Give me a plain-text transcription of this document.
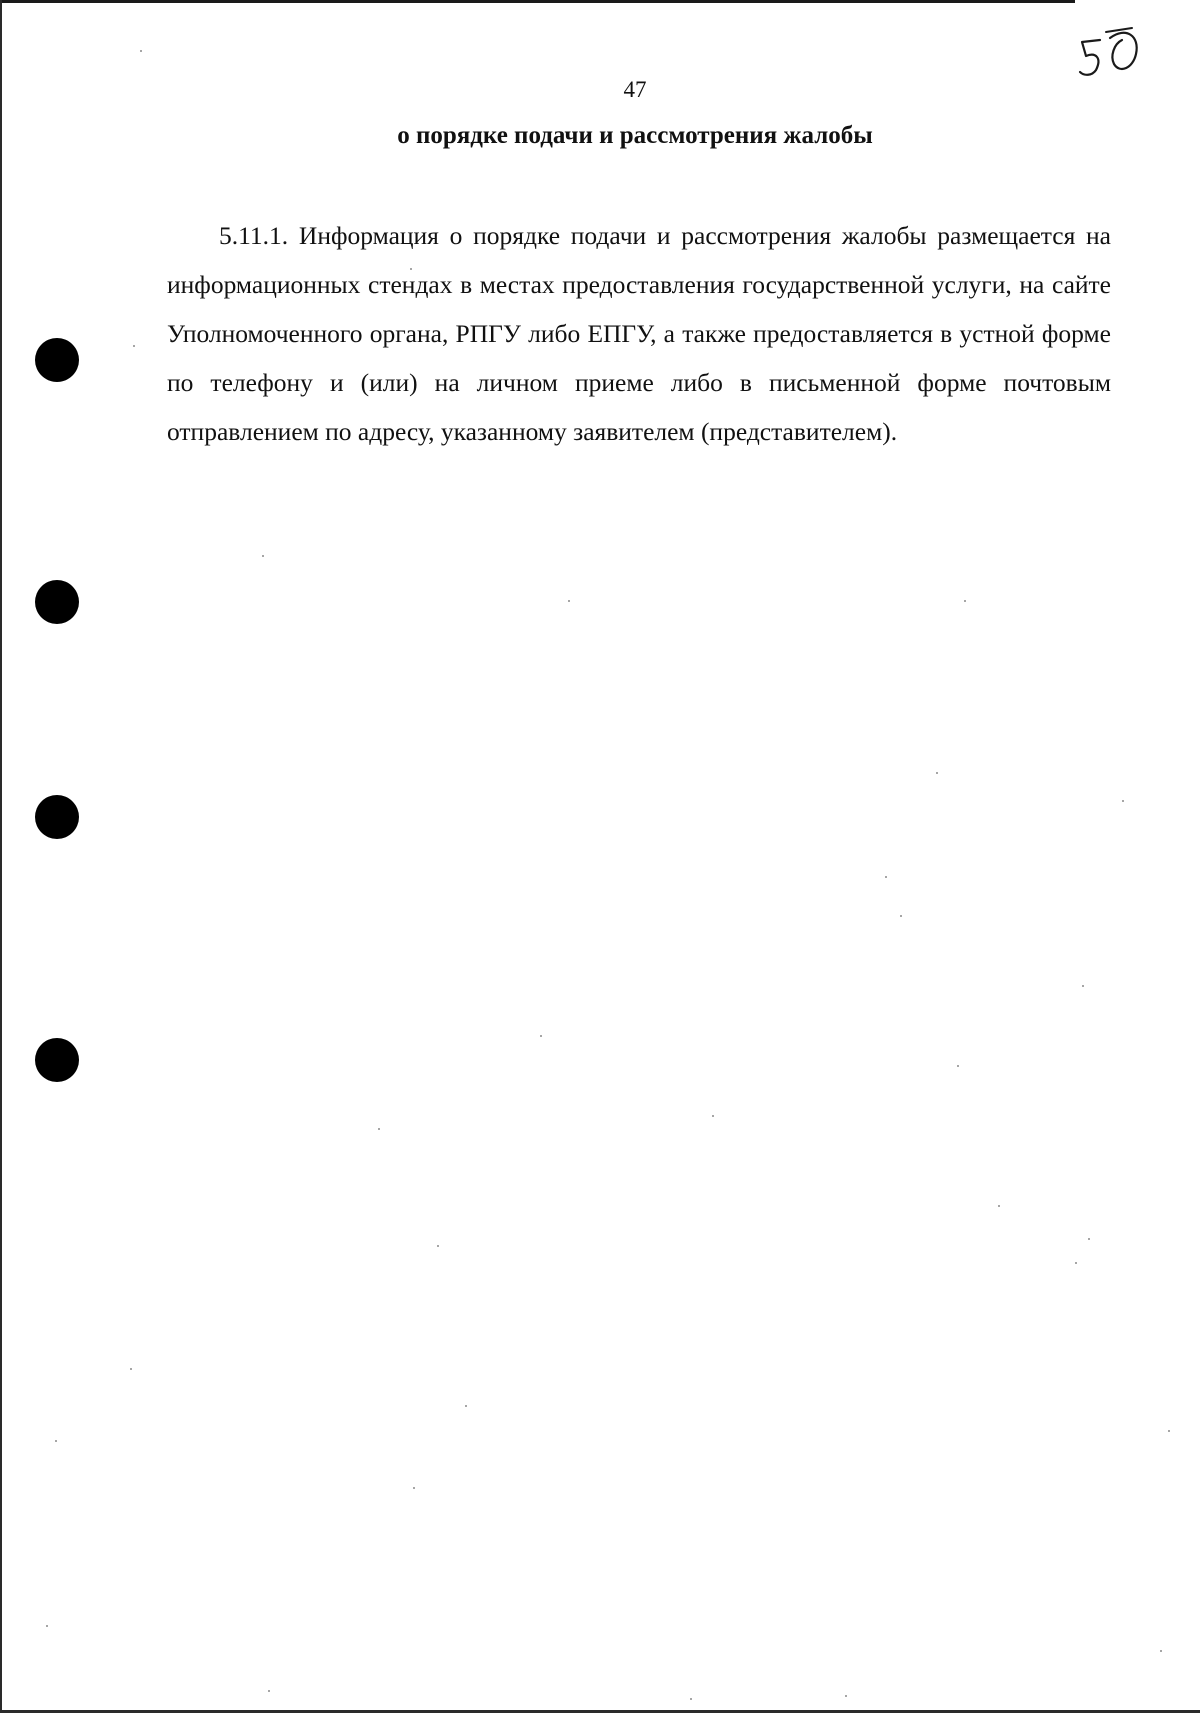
47

о порядке подачи и рассмотрения жалобы

5.11.1. Информация о порядке подачи и рассмотрения жалобы размещается на информационных стендах в местах предоставления государственной услуги, на сайте Уполномоченного органа, РПГУ либо ЕПГУ, а также предоставляется в устной форме по телефону и (или) на личном приеме либо в письменной форме почтовым отправлением по адресу, указанному заявителем (представителем).
